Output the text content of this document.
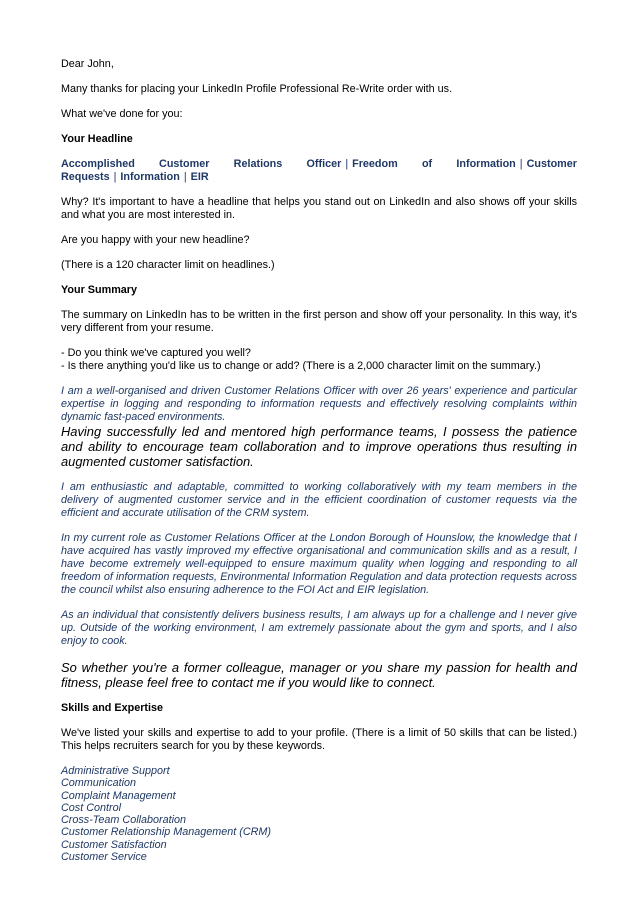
Dear John,

Many thanks for placing your LinkedIn Profile Professional Re-Write order with us.

What we've done for you:

Your Headline

Accomplished Customer Relations Officer | Freedom of Information | Customer Requests | Information | EIR

Why? It's important to have a headline that helps you stand out on LinkedIn and also shows off your skills and what you are most interested in.

Are you happy with your new headline?

(There is a 120 character limit on headlines.)

Your Summary

The summary on LinkedIn has to be written in the first person and show off your personality. In this way, it's very different from your resume.

- Do you think we've captured you well?

- Is there anything you'd like us to change or add? (There is a 2,000 character limit on the summary.)

I am a well-organised and driven Customer Relations Officer with over 26 years' experience and particular expertise in logging and responding to information requests and effectively resolving complaints within dynamic fast-paced environments.

Having successfully led and mentored high performance teams, I possess the patience and ability to encourage team collaboration and to improve operations thus resulting in augmented customer satisfaction.

I am enthusiastic and adaptable, committed to working collaboratively with my team members in the delivery of augmented customer service and in the efficient coordination of customer requests via the efficient and accurate utilisation of the CRM system.

In my current role as Customer Relations Officer at the London Borough of Hounslow, the knowledge that I have acquired has vastly improved my effective organisational and communication skills and as a result, I have become extremely well-equipped to ensure maximum quality when logging and responding to all freedom of information requests, Environmental Information Regulation and data protection requests across the council whilst also ensuring adherence to the FOI Act and EIR legislation.

As an individual that consistently delivers business results, I am always up for a challenge and I never give up. Outside of the working environment, I am extremely passionate about the gym and sports, and I also enjoy to cook.

So whether you're a former colleague, manager or you share my passion for health and fitness, please feel free to contact me if you would like to connect.

Skills and Expertise

We've listed your skills and expertise to add to your profile. (There is a limit of 50 skills that can be listed.) This helps recruiters search for you by these keywords.

Administrative Support
Communication
Complaint Management
Cost Control
Cross-Team Collaboration
Customer Relationship Management (CRM)
Customer Satisfaction
Customer Service
